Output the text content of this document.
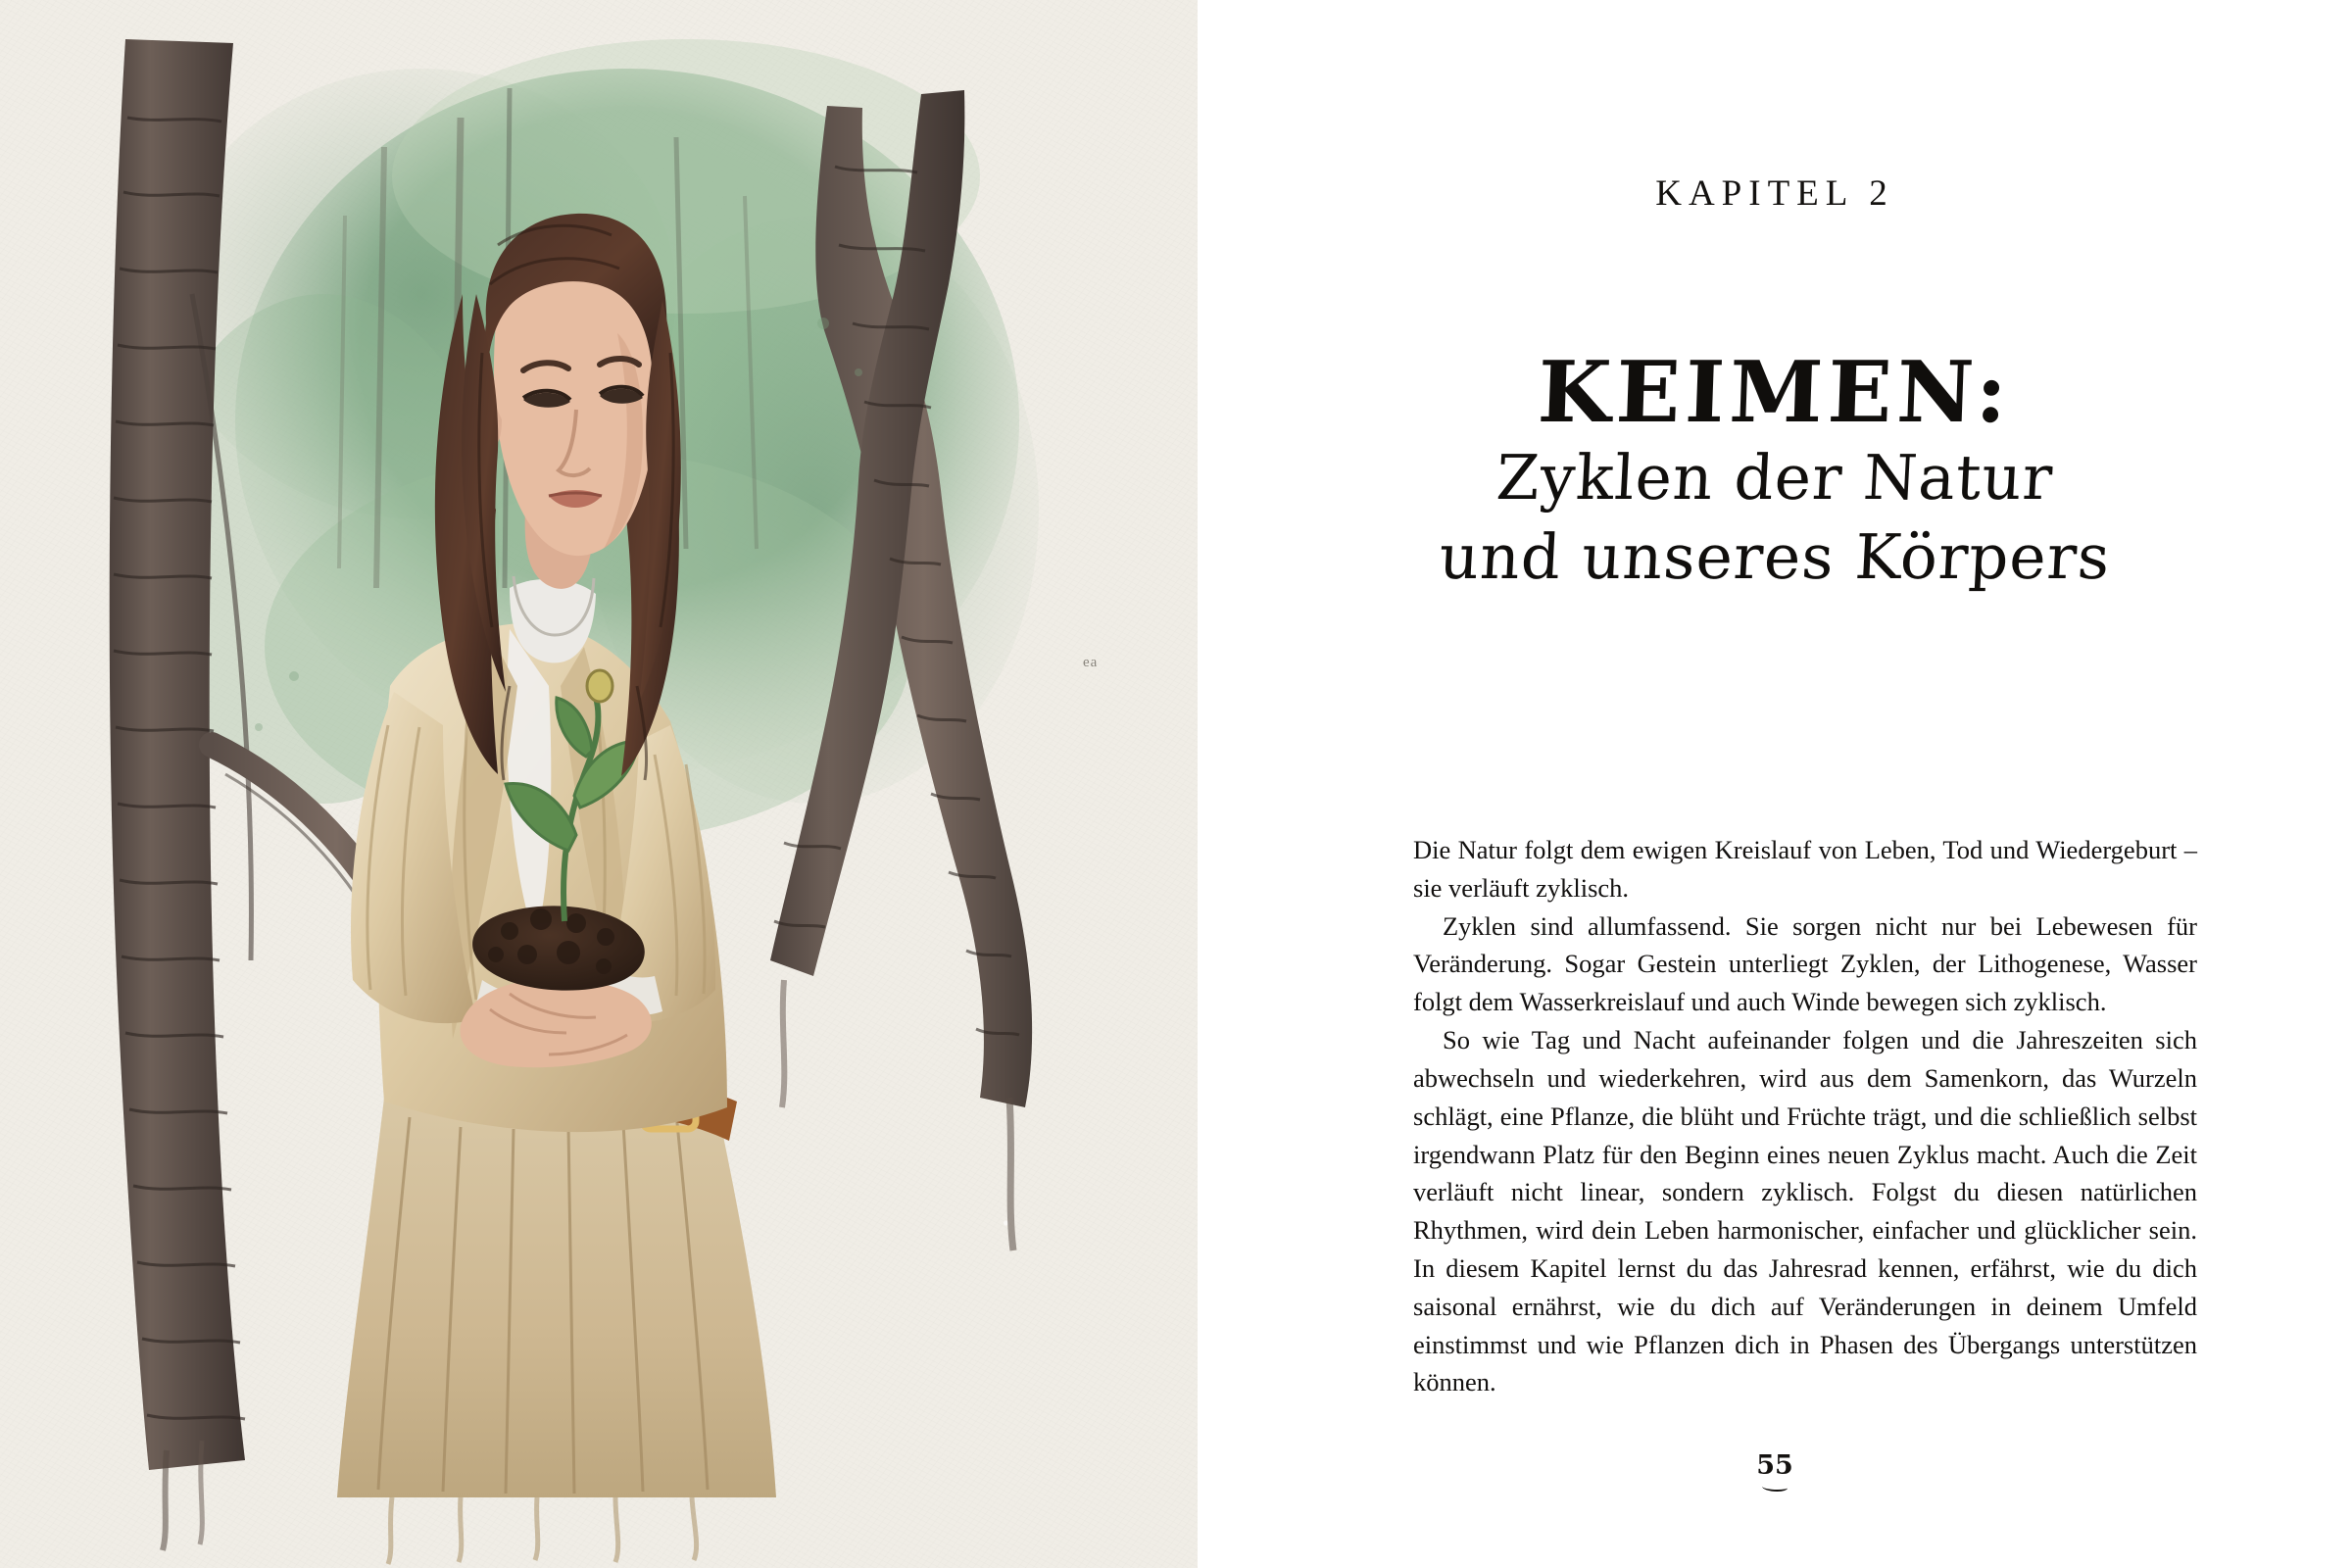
ea
KAPITEL 2
KEIMEN:
Zyklen der Natur
und unseres Körpers

Die Natur folgt dem ewigen Kreislauf von Leben, Tod und Wiedergeburt – sie verläuft zyklisch.

Zyklen sind allumfassend. Sie sorgen nicht nur bei Lebewesen für Veränderung. Sogar Gestein unterliegt Zyklen, der Lithogenese, Wasser folgt dem Wasserkreislauf und auch Winde bewegen sich zyklisch.

So wie Tag und Nacht aufeinander folgen und die Jahreszeiten sich abwechseln und wiederkehren, wird aus dem Samenkorn, das Wurzeln schlägt, eine Pflanze, die blüht und Früchte trägt, und die schließlich selbst irgendwann Platz für den Beginn eines neuen Zyklus macht. Auch die Zeit verläuft nicht linear, sondern zyklisch. Folgst du diesen natürlichen Rhythmen, wird dein Leben harmonischer, einfacher und glücklicher sein. In diesem Kapitel lernst du das Jahresrad kennen, erfährst, wie du dich saisonal ernährst, wie du dich auf Veränderungen in deinem Umfeld einstimmst und wie Pflanzen dich in Phasen des Übergangs unterstützen können.

55
